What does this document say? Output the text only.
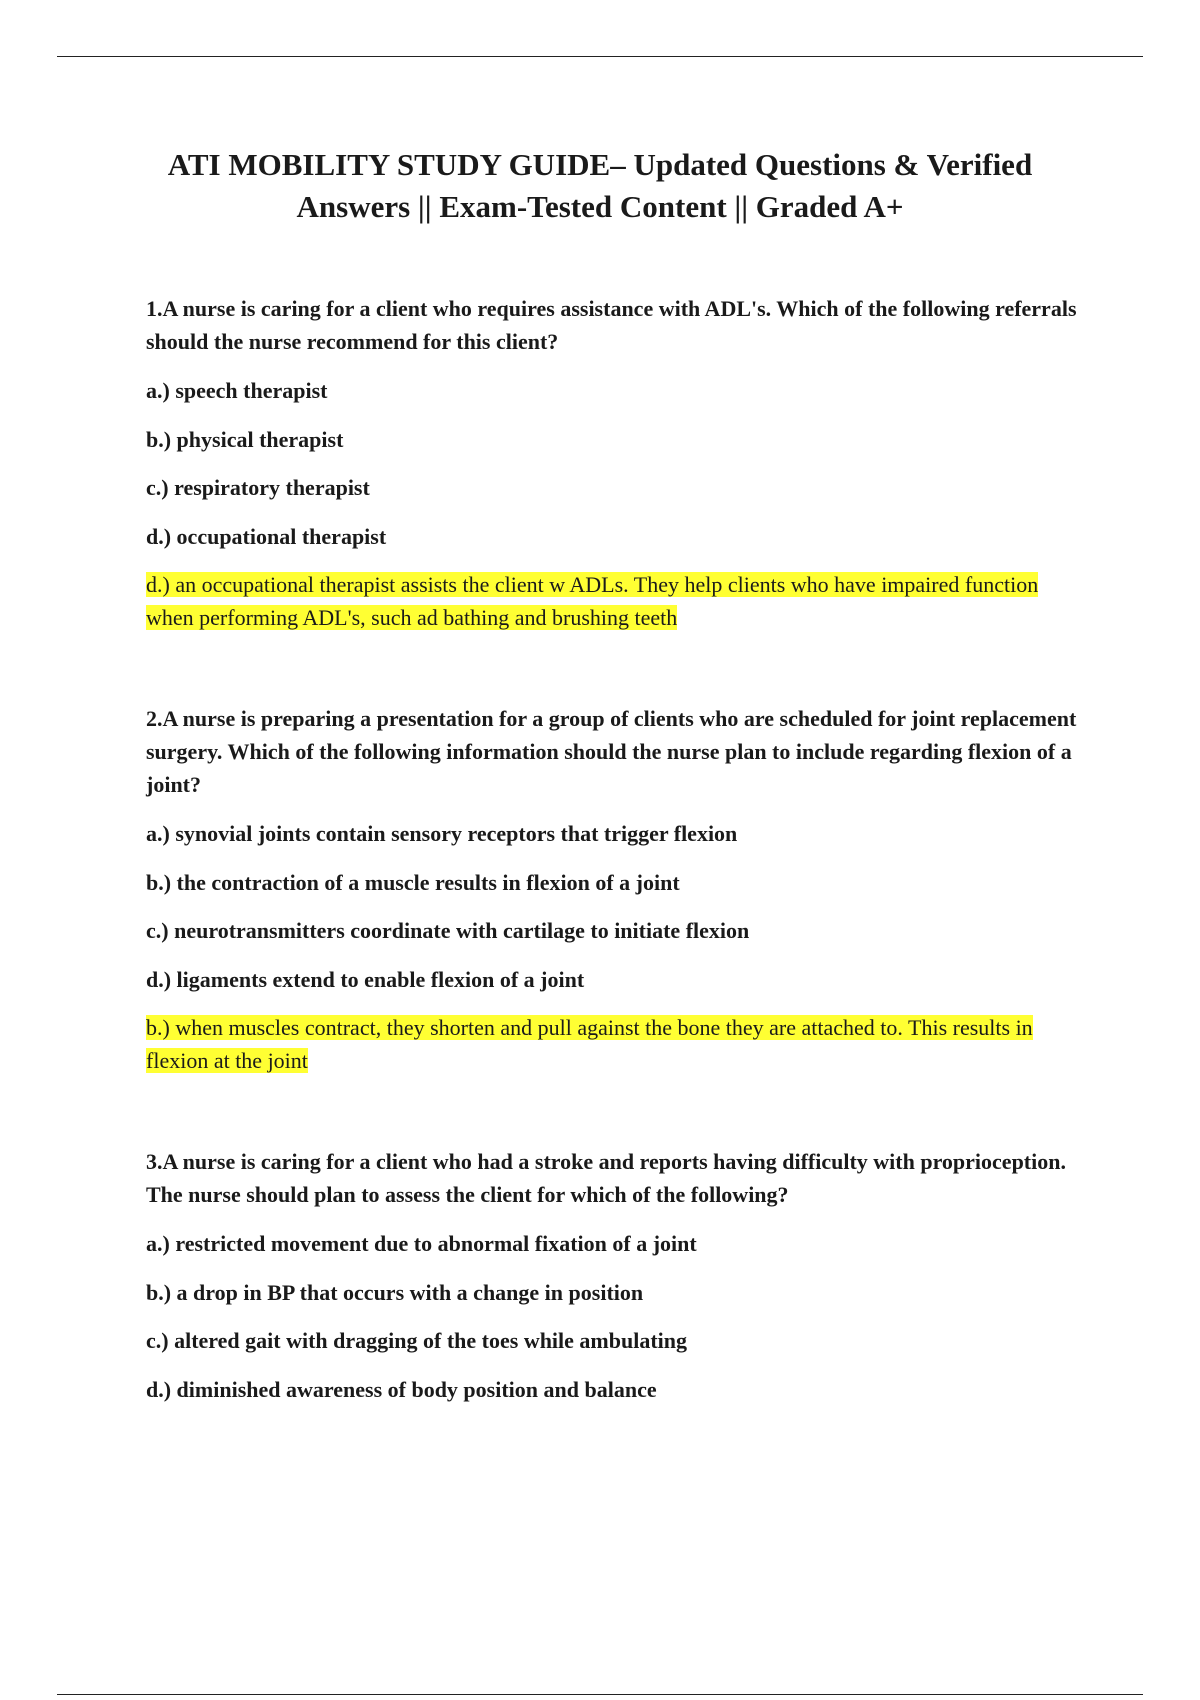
ATI MOBILITY STUDY GUIDE– Updated Questions & Verified Answers || Exam-Tested Content || Graded A+

1.A nurse is caring for a client who requires assistance with ADL's. Which of the following referrals should the nurse recommend for this client?

a.) speech therapist

b.) physical therapist

c.) respiratory therapist

d.) occupational therapist

d.) an occupational therapist assists the client w ADLs. They help clients who have impaired function when performing ADL's, such ad bathing and brushing teeth

2.A nurse is preparing a presentation for a group of clients who are scheduled for joint replacement surgery. Which of the following information should the nurse plan to include regarding flexion of a joint?

a.) synovial joints contain sensory receptors that trigger flexion

b.) the contraction of a muscle results in flexion of a joint

c.) neurotransmitters coordinate with cartilage to initiate flexion

d.) ligaments extend to enable flexion of a joint

b.) when muscles contract, they shorten and pull against the bone they are attached to. This results in flexion at the joint

3.A nurse is caring for a client who had a stroke and reports having difficulty with proprioception. The nurse should plan to assess the client for which of the following?

a.) restricted movement due to abnormal fixation of a joint

b.) a drop in BP that occurs with a change in position

c.) altered gait with dragging of the toes while ambulating

d.) diminished awareness of body position and balance
